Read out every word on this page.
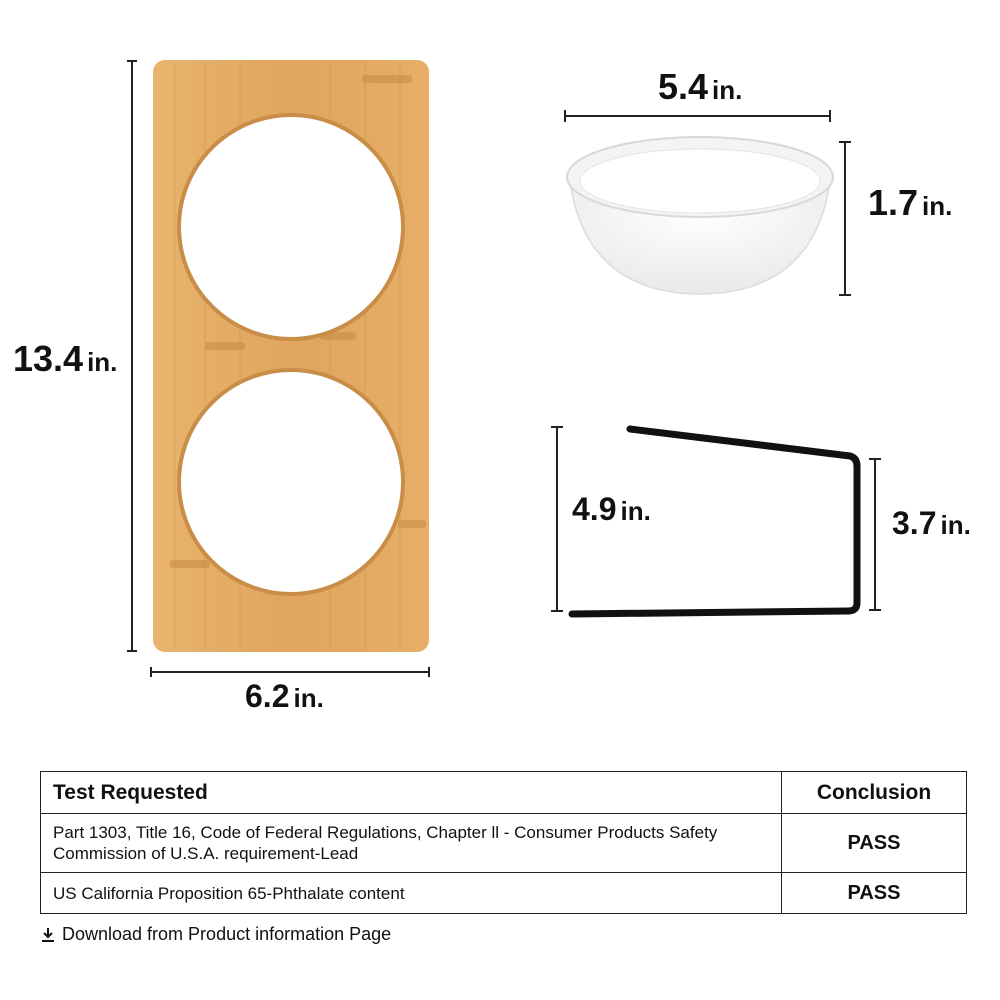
13.4 in.
6.2 in.
5.4 in.
1.7 in.
4.9 in.	3.7 in.
Test Requested	Conclusion
Part 1303, Title 16, Code of Federal Regulations, Chapter ll - Consumer Products Safety Commission of U.S.A. requirement-Lead	PASS
US California Proposition 65-Phthalate content	PASS
Download from Product information Page
